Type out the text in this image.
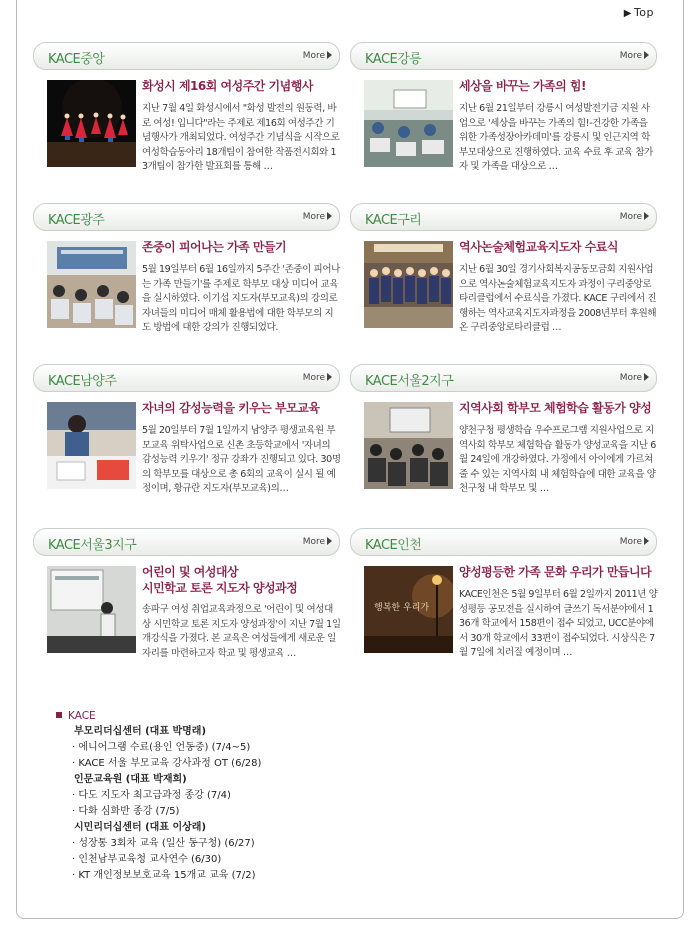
▶ Top
KACE중앙	More
화성시 제16회 여성주간 기념행사
지난 7월 4일 화성시에서 "화성 발전의 원동력, 바로 여성! 입니다"라는 주제로 제16회 여성주간 기념행사가 개최되었다. 여성주간 기념식을 시작으로 여성학습동아리 18개팀이 참여한 작품전시회와 13개팀이 참가한 발표회를 통해 …
KACE강릉	More
세상을 바꾸는 가족의 힘!
지난 6월 21일부터 강릉시 여성발전기금 지원 사업으로 '세상을 바꾸는 가족의 힘!-건강한 가족을 위한 가족성장아카데미'를 강릉시 및 인근지역 학부모대상으로 진행하였다. 교육 수료 후 교육 참가자 및 가족을 대상으로 …
KACE광주	More
존중이 피어나는 가족 만들기
5월 19일부터 6월 16일까지 5주간 '존중이 피어나는 가족 만들기'를 주제로 학부모 대상 미디어 교육을 실시하였다. 이기섭 지도자(부모교육)의 강의로 자녀들의 미디어 매체 활용법에 대한 학부모의 지도 방법에 대한 강의가 진행되었다.
KACE구리	More
역사논술체험교육지도자 수료식
지난 6월 30일 경기사회복지공동모금회 지원사업으로 역사논술체험교육지도자 과정이 구리중앙로타리클럽에서 수료식을 가졌다. KACE 구리에서 진행하는 역사교육지도자과정을 2008년부터 후원해온 구리중앙로타리클럽 …
KACE남양주	More
자녀의 감성능력을 키우는 부모교육
5월 20일부터 7월 1일까지 남양주 평생교육원 부모교육 위탁사업으로 신촌 초등학교에서 '자녀의 감성능력 키우기' 정규 강좌가 진행되고 있다. 30명의 학부모를 대상으로 총 6회의 교육이 실시 될 예정이며, 황규란 지도자(부모교육)의…
KACE서울2지구	More
지역사회 학부모 체험학습 활동가 양성
양천구청 평생학습 우수프로그램 지원사업으로 지역사회 학부모 체험학습 활동가 양성교육을 지난 6월 24일에 개강하였다. 가정에서 아이에게 가르쳐 줄 수 있는 지역사회 내 체험학습에 대한 교육을 양천구청 내 학부모 및 …
KACE서울3지구	More
어린이 및 여성대상
시민학교 토론 지도자 양성과정
송파구 여성 취업교육과정으로 '어린이 및 여성대상 시민학교 토론 지도자 양성과정'이 지난 7월 1일 개강식을 가졌다. 본 교육은 여성들에게 새로운 일자리를 마련하고자 학교 및 평생교육 …
KACE인천	More
행복한 우리가
양성평등한 가족 문화 우리가 만듭니다
KACE인천은 5월 9일부터 6월 2일까지 2011년 양성평등 공모전을 실시하여 글쓰기 독서분야에서 136개 학교에서 158편이 접수 되었고, UCC분야에서 30개 학교에서 33편이 접수되었다. 시상식은 7월 7일에 치러질 예정이며 …
KACE
부모리더십센터 (대표 박명래)
· 에니어그램 수료(용인 언동중) (7/4~5)
· KACE 서울 부모교육 강사과정 OT (6/28)
인문교육원 (대표 박재희)
· 다도 지도자 최고급과정 종강 (7/4)
· 다화 심화반 종강 (7/5)
시민리더십센터 (대표 이상래)
· 성장통 3회차 교육 (일산 동구청) (6/27)
· 인천남부교육청 교사연수 (6/30)
· KT 개인정보보호교육 15개교 교육 (7/2)
